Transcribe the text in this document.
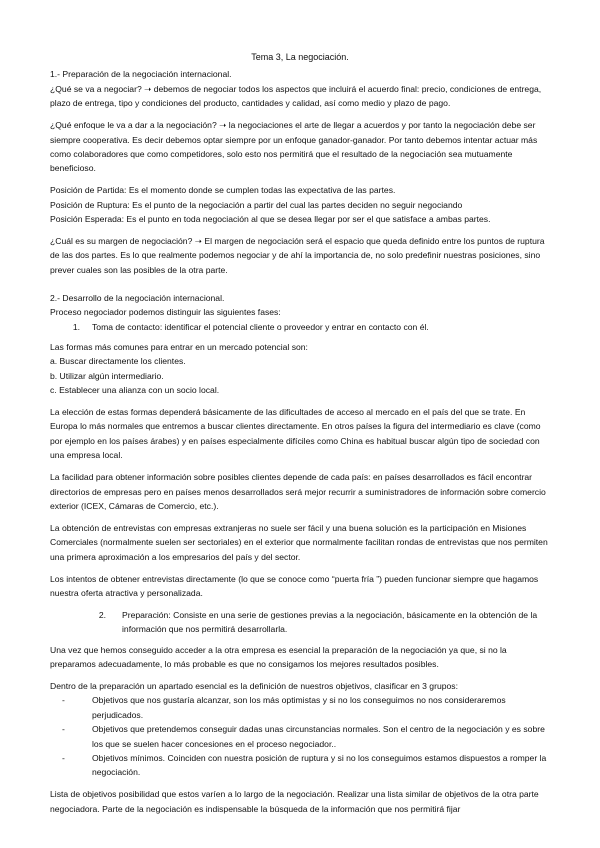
Tema 3, La negociación.
1.- Preparación de la negociación internacional.

¿Qué se va a negociar? ➝ debemos de negociar todos los aspectos que incluirá el acuerdo final: precio, condiciones de entrega, plazo de entrega, tipo y condiciones del producto, cantidades y calidad, así como medio y plazo de pago.

¿Qué enfoque le va a dar a la negociación? ➝ la negociaciones el arte de llegar a acuerdos y por tanto la negociación debe ser siempre cooperativa. Es decir debemos optar siempre por un enfoque ganador-ganador. Por tanto debemos intentar actuar más como colaboradores que como competidores, solo esto nos permitirá que el resultado de la negociación sea mutuamente beneficioso.

Posición de Partida: Es el momento donde se cumplen todas las expectativa de las partes.
Posición de Ruptura: Es el punto de la negociación a partir del cual las partes deciden no seguir negociando
Posición Esperada: Es el punto en toda negociación al que se desea llegar por ser el que satisface a ambas partes.

¿Cuál es su margen de negociación? ➝ El margen de negociación será el espacio que queda definido entre los puntos de ruptura de las dos partes. Es lo que realmente podemos negociar y de ahí la importancia de, no solo predefinir nuestras posiciones, sino prever cuales son las posibles de la otra parte.

2.- Desarrollo de la negociación internacional.
Proceso negociador podemos distinguir las siguientes fases:
1.	Toma de contacto: identificar el potencial cliente o proveedor y entrar en contacto con él.

Las formas más comunes para entrar en un mercado potencial son:
a. Buscar directamente los clientes.
b. Utilizar algún intermediario.
c. Establecer una alianza con un socio local.

La elección de estas formas dependerá básicamente de las dificultades de acceso al mercado en el país del que se trate. En Europa lo más normales que entremos a buscar clientes directamente. En otros países la figura del intermediario es clave (como por ejemplo en los países árabes) y en países especialmente difíciles como China es habitual buscar algún tipo de sociedad con una empresa local.

La facilidad para obtener información sobre posibles clientes depende de cada país: en países desarrollados es fácil encontrar directorios de empresas pero en países menos desarrollados será mejor recurrir a suministradores de información sobre comercio exterior (ICEX, Cámaras de Comercio, etc.).

La obtención de entrevistas con empresas extranjeras no suele ser fácil y una buena solución es la participación en Misiones Comerciales (normalmente suelen ser sectoriales) en el exterior que normalmente facilitan rondas de entrevistas que nos permiten una primera aproximación a los empresarios del país y del sector.

Los intentos de obtener entrevistas directamente (lo que se conoce como “puerta fría ”) pueden funcionar siempre que hagamos nuestra oferta atractiva y personalizada.

2.	Preparación: Consiste en una serie de gestiones previas a la negociación, básicamente en la obtención de la información que nos permitirá desarrollarla.

Una vez que hemos conseguido acceder a la otra empresa es esencial la preparación de la negociación ya que, si no la preparamos adecuadamente, lo más probable es que no consigamos los mejores resultados posibles.

Dentro de la preparación un apartado esencial es la definición de nuestros objetivos, clasificar en 3 grupos:
-	Objetivos que nos gustaría alcanzar, son los más optimistas y si no los conseguimos no nos consideraremos perjudicados.
-	Objetivos que pretendemos conseguir dadas unas circunstancias normales. Son el centro de la negociación y es sobre los que se suelen hacer concesiones en el proceso negociador..
-	Objetivos mínimos. Coinciden con nuestra posición de ruptura y si no los conseguimos estamos dispuestos a romper la negociación.

Lista de objetivos posibilidad que estos varíen a lo largo de la negociación. Realizar una lista similar de objetivos de la otra parte negociadora. Parte de la negociación es indispensable la búsqueda de la información que nos permitirá fijar
